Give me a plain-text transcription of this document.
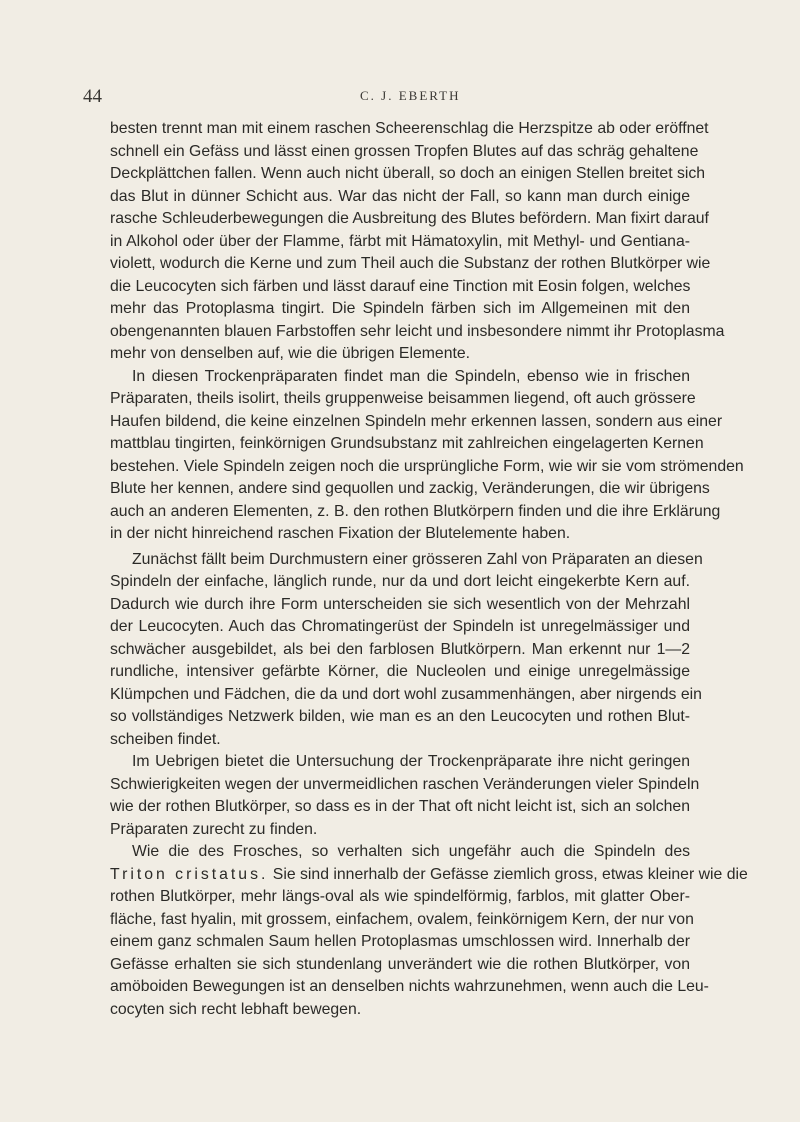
44	C. J. EBERTH
besten trennt man mit einem raschen Scheerenschlag die Herzspitze ab oder eröffnet
schnell ein Gefäss und lässt einen grossen Tropfen Blutes auf das schräg gehaltene
Deckplättchen fallen. Wenn auch nicht überall, so doch an einigen Stellen breitet sich
das Blut in dünner Schicht aus. War das nicht der Fall, so kann man durch einige
rasche Schleuderbewegungen die Ausbreitung des Blutes befördern. Man fixirt darauf
in Alkohol oder über der Flamme, färbt mit Hämatoxylin, mit Methyl- und Gentiana-
violett, wodurch die Kerne und zum Theil auch die Substanz der rothen Blutkörper wie
die Leucocyten sich färben und lässt darauf eine Tinction mit Eosin folgen, welches
mehr das Protoplasma tingirt. Die Spindeln färben sich im Allgemeinen mit den
obengenannten blauen Farbstoffen sehr leicht und insbesondere nimmt ihr Protoplasma
mehr von denselben auf, wie die übrigen Elemente.
In diesen Trockenpräparaten findet man die Spindeln, ebenso wie in frischen
Präparaten, theils isolirt, theils gruppenweise beisammen liegend, oft auch grössere
Haufen bildend, die keine einzelnen Spindeln mehr erkennen lassen, sondern aus einer
mattblau tingirten, feinkörnigen Grundsubstanz mit zahlreichen eingelagerten Kernen
bestehen. Viele Spindeln zeigen noch die ursprüngliche Form, wie wir sie vom strömenden
Blute her kennen, andere sind gequollen und zackig, Veränderungen, die wir übrigens
auch an anderen Elementen, z. B. den rothen Blutkörpern finden und die ihre Erklärung
in der nicht hinreichend raschen Fixation der Blutelemente haben.
Zunächst fällt beim Durchmustern einer grösseren Zahl von Präparaten an diesen
Spindeln der einfache, länglich runde, nur da und dort leicht eingekerbte Kern auf.
Dadurch wie durch ihre Form unterscheiden sie sich wesentlich von der Mehrzahl
der Leucocyten. Auch das Chromatingerüst der Spindeln ist unregelmässiger und
schwächer ausgebildet, als bei den farblosen Blutkörpern. Man erkennt nur 1—2
rundliche, intensiver gefärbte Körner, die Nucleolen und einige unregelmässige
Klümpchen und Fädchen, die da und dort wohl zusammenhängen, aber nirgends ein
so vollständiges Netzwerk bilden, wie man es an den Leucocyten und rothen Blut-
scheiben findet.
Im Uebrigen bietet die Untersuchung der Trockenpräparate ihre nicht geringen
Schwierigkeiten wegen der unvermeidlichen raschen Veränderungen vieler Spindeln
wie der rothen Blutkörper, so dass es in der That oft nicht leicht ist, sich an solchen
Präparaten zurecht zu finden.
Wie die des Frosches, so verhalten sich ungefähr auch die Spindeln des
Triton cristatus. Sie sind innerhalb der Gefässe ziemlich gross, etwas kleiner wie die
rothen Blutkörper, mehr längs-oval als wie spindelförmig, farblos, mit glatter Ober-
fläche, fast hyalin, mit grossem, einfachem, ovalem, feinkörnigem Kern, der nur von
einem ganz schmalen Saum hellen Protoplasmas umschlossen wird. Innerhalb der
Gefässe erhalten sie sich stundenlang unverändert wie die rothen Blutkörper, von
amöboiden Bewegungen ist an denselben nichts wahrzunehmen, wenn auch die Leu-
cocyten sich recht lebhaft bewegen.
